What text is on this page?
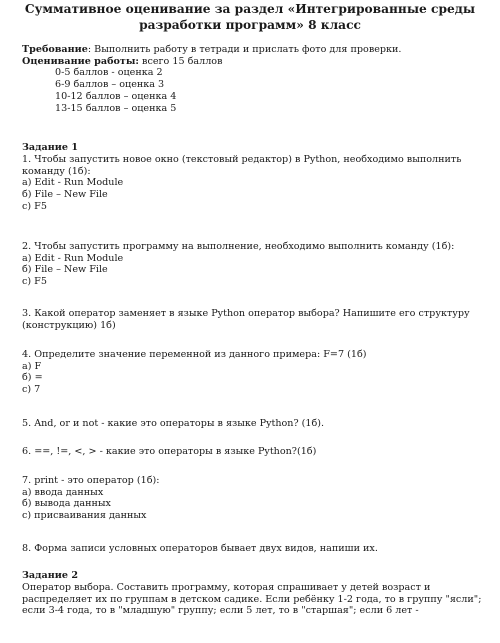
Суммативное оценивание за раздел «Интегрированные среды
разработки программ» 8 класс
Требование: Выполнить работу в тетради и прислать фото для проверки.
Оценивание работы: всего 15 баллов
0-5 баллов - оценка 2
6-9 баллов – оценка 3
10-12 баллов – оценка 4
13-15 баллов – оценка 5
Задание 1
1. Чтобы запустить новое окно (текстовый редактор) в Python, необходимо выполнить
команду (1б):
а) Edit - Run Module
б) File – New File
с) F5
2. Чтобы запустить программу на выполнение, необходимо выполнить команду (1б):
а) Edit - Run Module
б) File – New File
с) F5
3. Какой оператор заменяет в языке Python оператор выбора? Напишите его структуру
(конструкцию) 1б)
4. Определите значение переменной из данного примера: F=7 (1б)
а) F
б) =
с) 7
5. And, or и not - какие это операторы в языке Python? (1б).
6. ==, !=, <, > - какие это операторы в языке Python?(1б)
7. print - это оператор (1б):
а) ввода данных
б) вывода данных
с) присваивания данных
8. Форма записи условных операторов бывает двух видов, напиши их.
Задание 2
Оператор выбора. Составить программу, которая спрашивает у детей возраст и
распределяет их по группам в детском садике. Если ребёнку 1-2 года, то в группу "ясли";
если 3-4 года, то в "младшую" группу; если 5 лет, то в "старшая"; если 6 лет -
